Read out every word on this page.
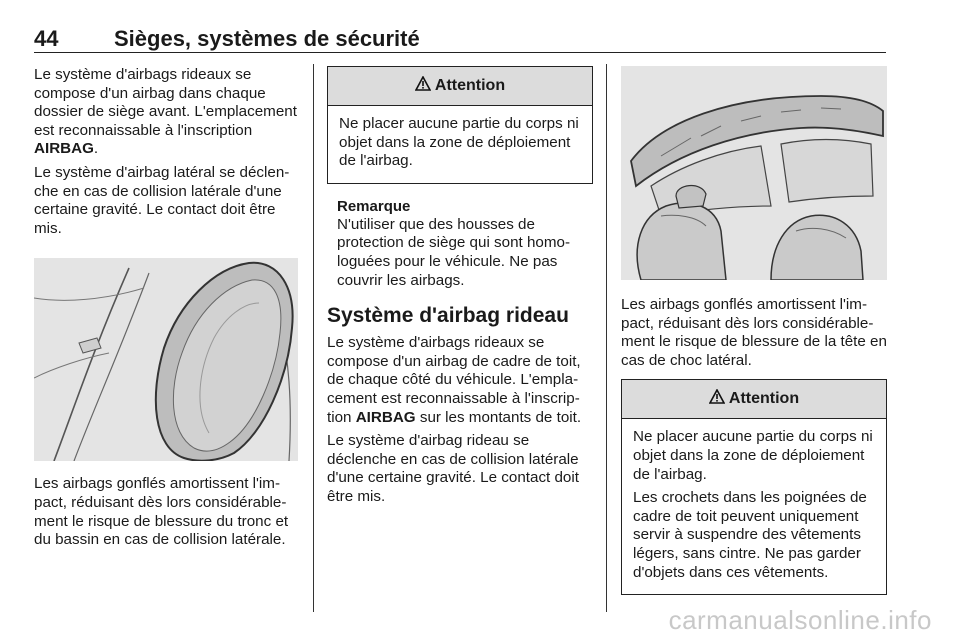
44	Sièges, systèmes de sécurité

Le système d'airbags rideaux se compose d'un airbag dans chaque dossier de siège avant. L'emplacement est reconnaissable à l'inscription AIRBAG.

Le système d'airbag latéral se déclenche en cas de collision latérale d'une certaine gravité. Le contact doit être mis.

Les airbags gonflés amortissent l'impact, réduisant dès lors considérablement le risque de blessure du tronc et du bassin en cas de collision latérale.

Attention

Ne placer aucune partie du corps ni objet dans la zone de déploiement de l'airbag.

Remarque

N'utiliser que des housses de protection de siège qui sont homologuées pour le véhicule. Ne pas couvrir les airbags.

Système d'airbag rideau

Le système d'airbags rideaux se compose d'un airbag de cadre de toit, de chaque côté du véhicule. L'emplacement est reconnaissable à l'inscription AIRBAG sur les montants de toit.

Le système d'airbag rideau se déclenche en cas de collision latérale d'une certaine gravité. Le contact doit être mis.

Les airbags gonflés amortissent l'impact, réduisant dès lors considérablement le risque de blessure de la tête en cas de choc latéral.

Attention

Ne placer aucune partie du corps ni objet dans la zone de déploiement de l'airbag.

Les crochets dans les poignées de cadre de toit peuvent uniquement servir à suspendre des vêtements légers, sans cintre. Ne pas garder d'objets dans ces vêtements.

carmanualsonline.info
